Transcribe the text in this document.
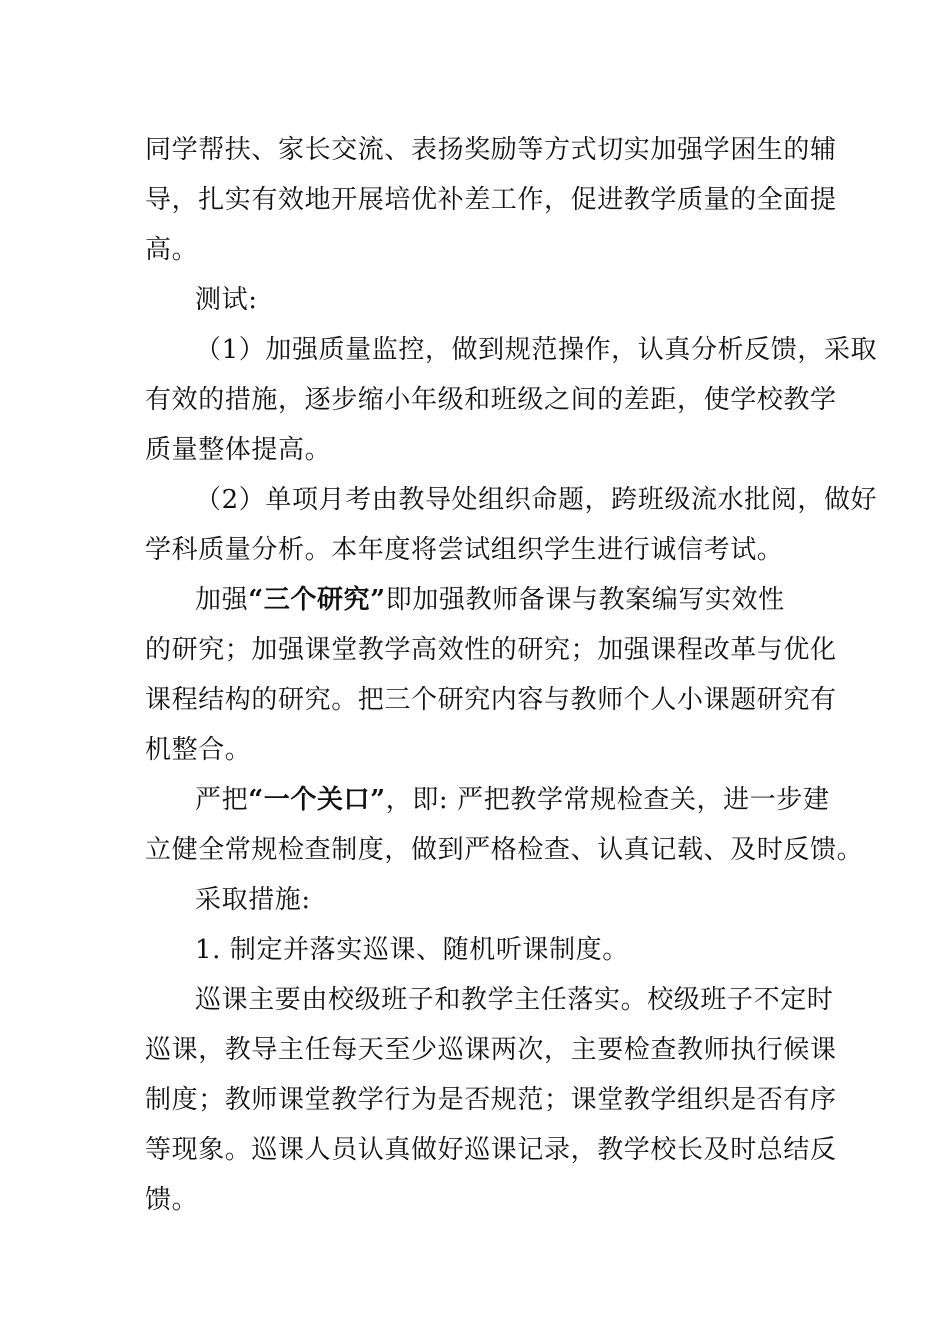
同学帮扶、家长交流、表扬奖励等方式切实加强学困生的辅
导，扎实有效地开展培优补差工作，促进教学质量的全面提
高。
测试:
（1）加强质量监控，做到规范操作，认真分析反馈，采取
有效的措施，逐步缩小年级和班级之间的差距，使学校教学
质量整体提高。
（2）单项月考由教导处组织命题，跨班级流水批阅，做好
学科质量分析。本年度将尝试组织学生进行诚信考试。
加强“三个研究”即加强教师备课与教案编写实效性
的研究；加强课堂教学高效性的研究；加强课程改革与优化
课程结构的研究。把三个研究内容与教师个人小课题研究有
机整合。
严把“一个关口”，即: 严把教学常规检查关，进一步建
立健全常规检查制度，做到严格检查、认真记载、及时反馈。
采取措施:
1. 制定并落实巡课、随机听课制度。
巡课主要由校级班子和教学主任落实。校级班子不定时
巡课，教导主任每天至少巡课两次，主要检查教师执行候课
制度；教师课堂教学行为是否规范；课堂教学组织是否有序
等现象。巡课人员认真做好巡课记录，教学校长及时总结反
馈。
